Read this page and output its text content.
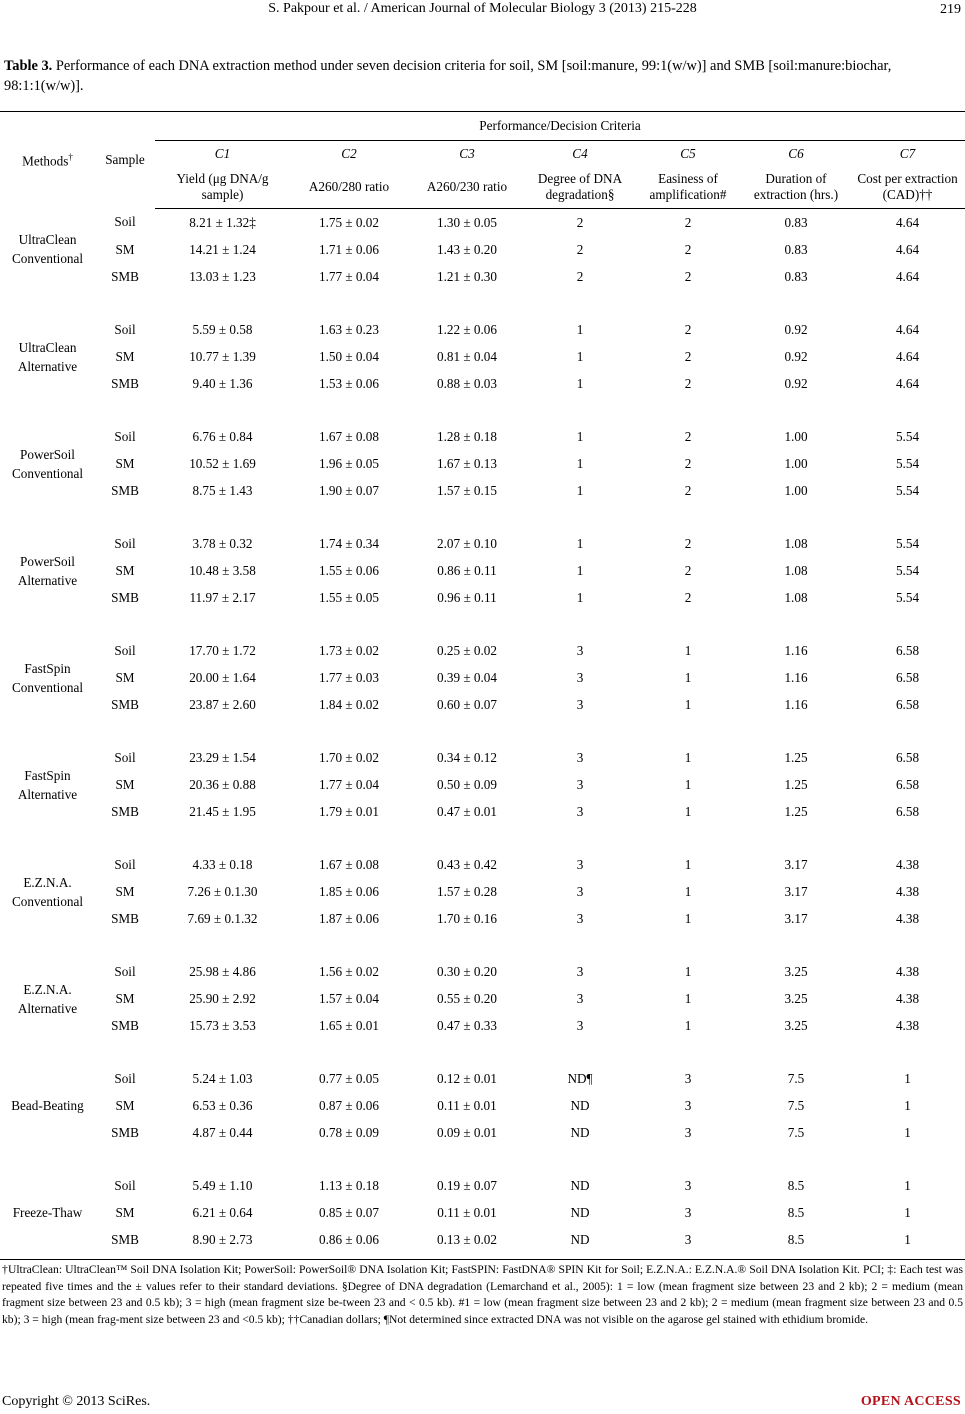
S. Pakpour et al. / American Journal of Molecular Biology 3 (2013) 215-228	219
Table 3. Performance of each DNA extraction method under seven decision criteria for soil, SM [soil:manure, 99:1(w/w)] and SMB [soil:manure:biochar, 98:1:1(w/w)].
Methods†	Sample	Performance/Decision Criteria						
		C1	C2	C3	C4	C5	C6	C7
		Yield (μg DNA/g sample)	A260/280 ratio	A260/230 ratio	Degree of DNA degradation§	Easiness of amplification#	Duration of extraction (hrs.)	Cost per extraction (CAD)††

UltraClean
Conventional	Soil	8.21 ± 1.32‡	1.75 ± 0.02	1.30 ± 0.05	2	2	0.83	4.64
	SM	14.21 ± 1.24	1.71 ± 0.06	1.43 ± 0.20	2	2	0.83	4.64
	SMB	13.03 ± 1.23	1.77 ± 0.04	1.21 ± 0.30	2	2	0.83	4.64

UltraClean
Alternative	Soil	5.59 ± 0.58	1.63 ± 0.23	1.22 ± 0.06	1	2	0.92	4.64
	SM	10.77 ± 1.39	1.50 ± 0.04	0.81 ± 0.04	1	2	0.92	4.64
	SMB	9.40 ± 1.36	1.53 ± 0.06	0.88 ± 0.03	1	2	0.92	4.64

PowerSoil
Conventional	Soil	6.76 ± 0.84	1.67 ± 0.08	1.28 ± 0.18	1	2	1.00	5.54
	SM	10.52 ± 1.69	1.96 ± 0.05	1.67 ± 0.13	1	2	1.00	5.54
	SMB	8.75 ± 1.43	1.90 ± 0.07	1.57 ± 0.15	1	2	1.00	5.54

PowerSoil
Alternative	Soil	3.78 ± 0.32	1.74 ± 0.34	2.07 ± 0.10	1	2	1.08	5.54
	SM	10.48 ± 3.58	1.55 ± 0.06	0.86 ± 0.11	1	2	1.08	5.54
	SMB	11.97 ± 2.17	1.55 ± 0.05	0.96 ± 0.11	1	2	1.08	5.54

FastSpin
Conventional	Soil	17.70 ± 1.72	1.73 ± 0.02	0.25 ± 0.02	3	1	1.16	6.58
	SM	20.00 ± 1.64	1.77 ± 0.03	0.39 ± 0.04	3	1	1.16	6.58
	SMB	23.87 ± 2.60	1.84 ± 0.02	0.60 ± 0.07	3	1	1.16	6.58

FastSpin
Alternative	Soil	23.29 ± 1.54	1.70 ± 0.02	0.34 ± 0.12	3	1	1.25	6.58
	SM	20.36 ± 0.88	1.77 ± 0.04	0.50 ± 0.09	3	1	1.25	6.58
	SMB	21.45 ± 1.95	1.79 ± 0.01	0.47 ± 0.01	3	1	1.25	6.58

E.Z.N.A.
Conventional	Soil	4.33 ± 0.18	1.67 ± 0.08	0.43 ± 0.42	3	1	3.17	4.38
	SM	7.26 ± 0.1.30	1.85 ± 0.06	1.57 ± 0.28	3	1	3.17	4.38
	SMB	7.69 ± 0.1.32	1.87 ± 0.06	1.70 ± 0.16	3	1	3.17	4.38

E.Z.N.A.
Alternative	Soil	25.98 ± 4.86	1.56 ± 0.02	0.30 ± 0.20	3	1	3.25	4.38
	SM	25.90 ± 2.92	1.57 ± 0.04	0.55 ± 0.20	3	1	3.25	4.38
	SMB	15.73 ± 3.53	1.65 ± 0.01	0.47 ± 0.33	3	1	3.25	4.38

Bead-Beating	Soil	5.24 ± 1.03	0.77 ± 0.05	0.12 ± 0.01	ND¶	3	7.5	1
	SM	6.53 ± 0.36	0.87 ± 0.06	0.11 ± 0.01	ND	3	7.5	1
	SMB	4.87 ± 0.44	0.78 ± 0.09	0.09 ± 0.01	ND	3	7.5	1

Freeze-Thaw	Soil	5.49 ± 1.10	1.13 ± 0.18	0.19 ± 0.07	ND	3	8.5	1
	SM	6.21 ± 0.64	0.85 ± 0.07	0.11 ± 0.01	ND	3	8.5	1
	SMB	8.90 ± 2.73	0.86 ± 0.06	0.13 ± 0.02	ND	3	8.5	1
†UltraClean: UltraClean™ Soil DNA Isolation Kit; PowerSoil: PowerSoil® DNA Isolation Kit; FastSPIN: FastDNA® SPIN Kit for Soil; E.Z.N.A.: E.Z.N.A.® Soil DNA Isolation Kit. PCI; ‡: Each test was repeated five times and the ± values refer to their standard deviations. §Degree of DNA degradation (Lemarchand et al., 2005): 1 = low (mean fragment size between 23 and 2 kb); 2 = medium (mean fragment size between 23 and 0.5 kb); 3 = high (mean fragment size be-tween 23 and < 0.5 kb). #1 = low (mean fragment size between 23 and 2 kb); 2 = medium (mean fragment size between 23 and 0.5 kb); 3 = high (mean frag-ment size between 23 and <0.5 kb); ††Canadian dollars; ¶Not determined since extracted DNA was not visible on the agarose gel stained with ethidium bromide.
Copyright © 2013 SciRes.	OPEN ACCESS
